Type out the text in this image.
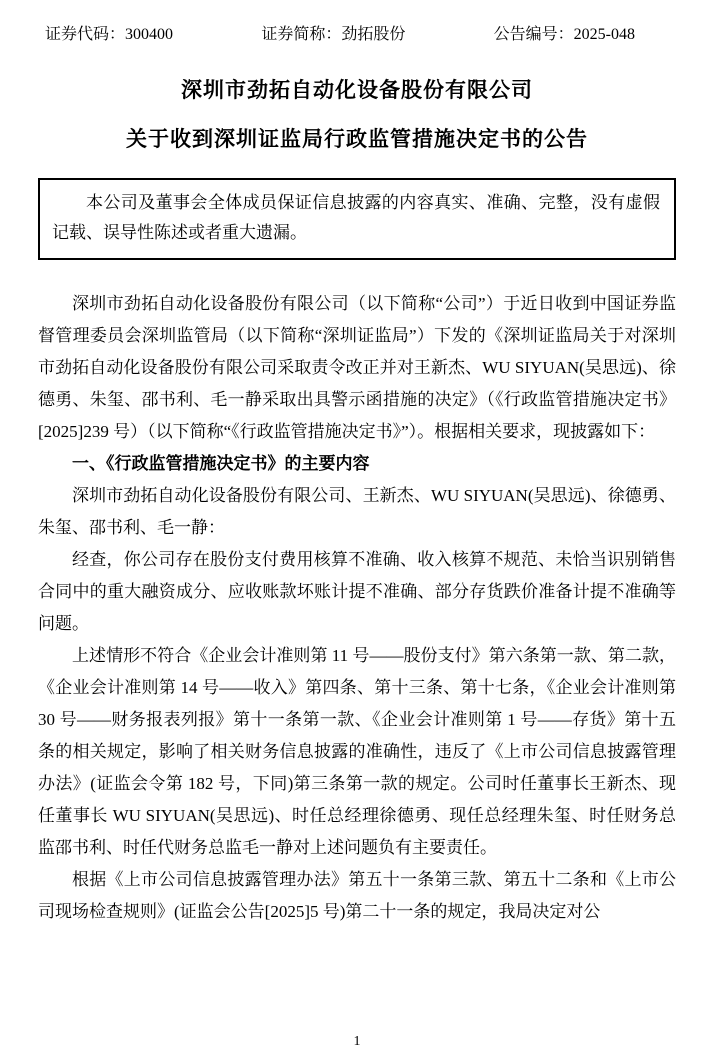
证券代码：300400	证券简称：劲拓股份	公告编号：2025-048
深圳市劲拓自动化设备股份有限公司
关于收到深圳证监局行政监管措施决定书的公告

本公司及董事会全体成员保证信息披露的内容真实、准确、完整，没有虚假记载、误导性陈述或者重大遗漏。

深圳市劲拓自动化设备股份有限公司（以下简称“公司”）于近日收到中国证券监督管理委员会深圳监管局（以下简称“深圳证监局”）下发的《深圳证监局关于对深圳市劲拓自动化设备股份有限公司采取责令改正并对王新杰、WU SIYUAN(吴思远)、徐德勇、朱玺、邵书利、毛一静采取出具警示函措施的决定》（《行政监管措施决定书》[2025]239 号）（以下简称“《行政监管措施决定书》”）。根据相关要求，现披露如下：

一、《行政监管措施决定书》的主要内容

深圳市劲拓自动化设备股份有限公司、王新杰、WU SIYUAN(吴思远)、徐德勇、朱玺、邵书利、毛一静：

经查，你公司存在股份支付费用核算不准确、收入核算不规范、未恰当识别销售合同中的重大融资成分、应收账款坏账计提不准确、部分存货跌价准备计提不准确等问题。

上述情形不符合《企业会计准则第 11 号——股份支付》第六条第一款、第二款，《企业会计准则第 14 号——收入》第四条、第十三条、第十七条，《企业会计准则第 30 号——财务报表列报》第十一条第一款、《企业会计准则第 1 号——存货》第十五条的相关规定，影响了相关财务信息披露的准确性，违反了《上市公司信息披露管理办法》(证监会令第 182 号，下同)第三条第一款的规定。公司时任董事长王新杰、现任董事长 WU SIYUAN(吴思远)、时任总经理徐德勇、现任总经理朱玺、时任财务总监邵书利、时任代财务总监毛一静对上述问题负有主要责任。

根据《上市公司信息披露管理办法》第五十一条第三款、第五十二条和《上市公司现场检查规则》(证监会公告[2025]5 号)第二十一条的规定，我局决定对公

1
